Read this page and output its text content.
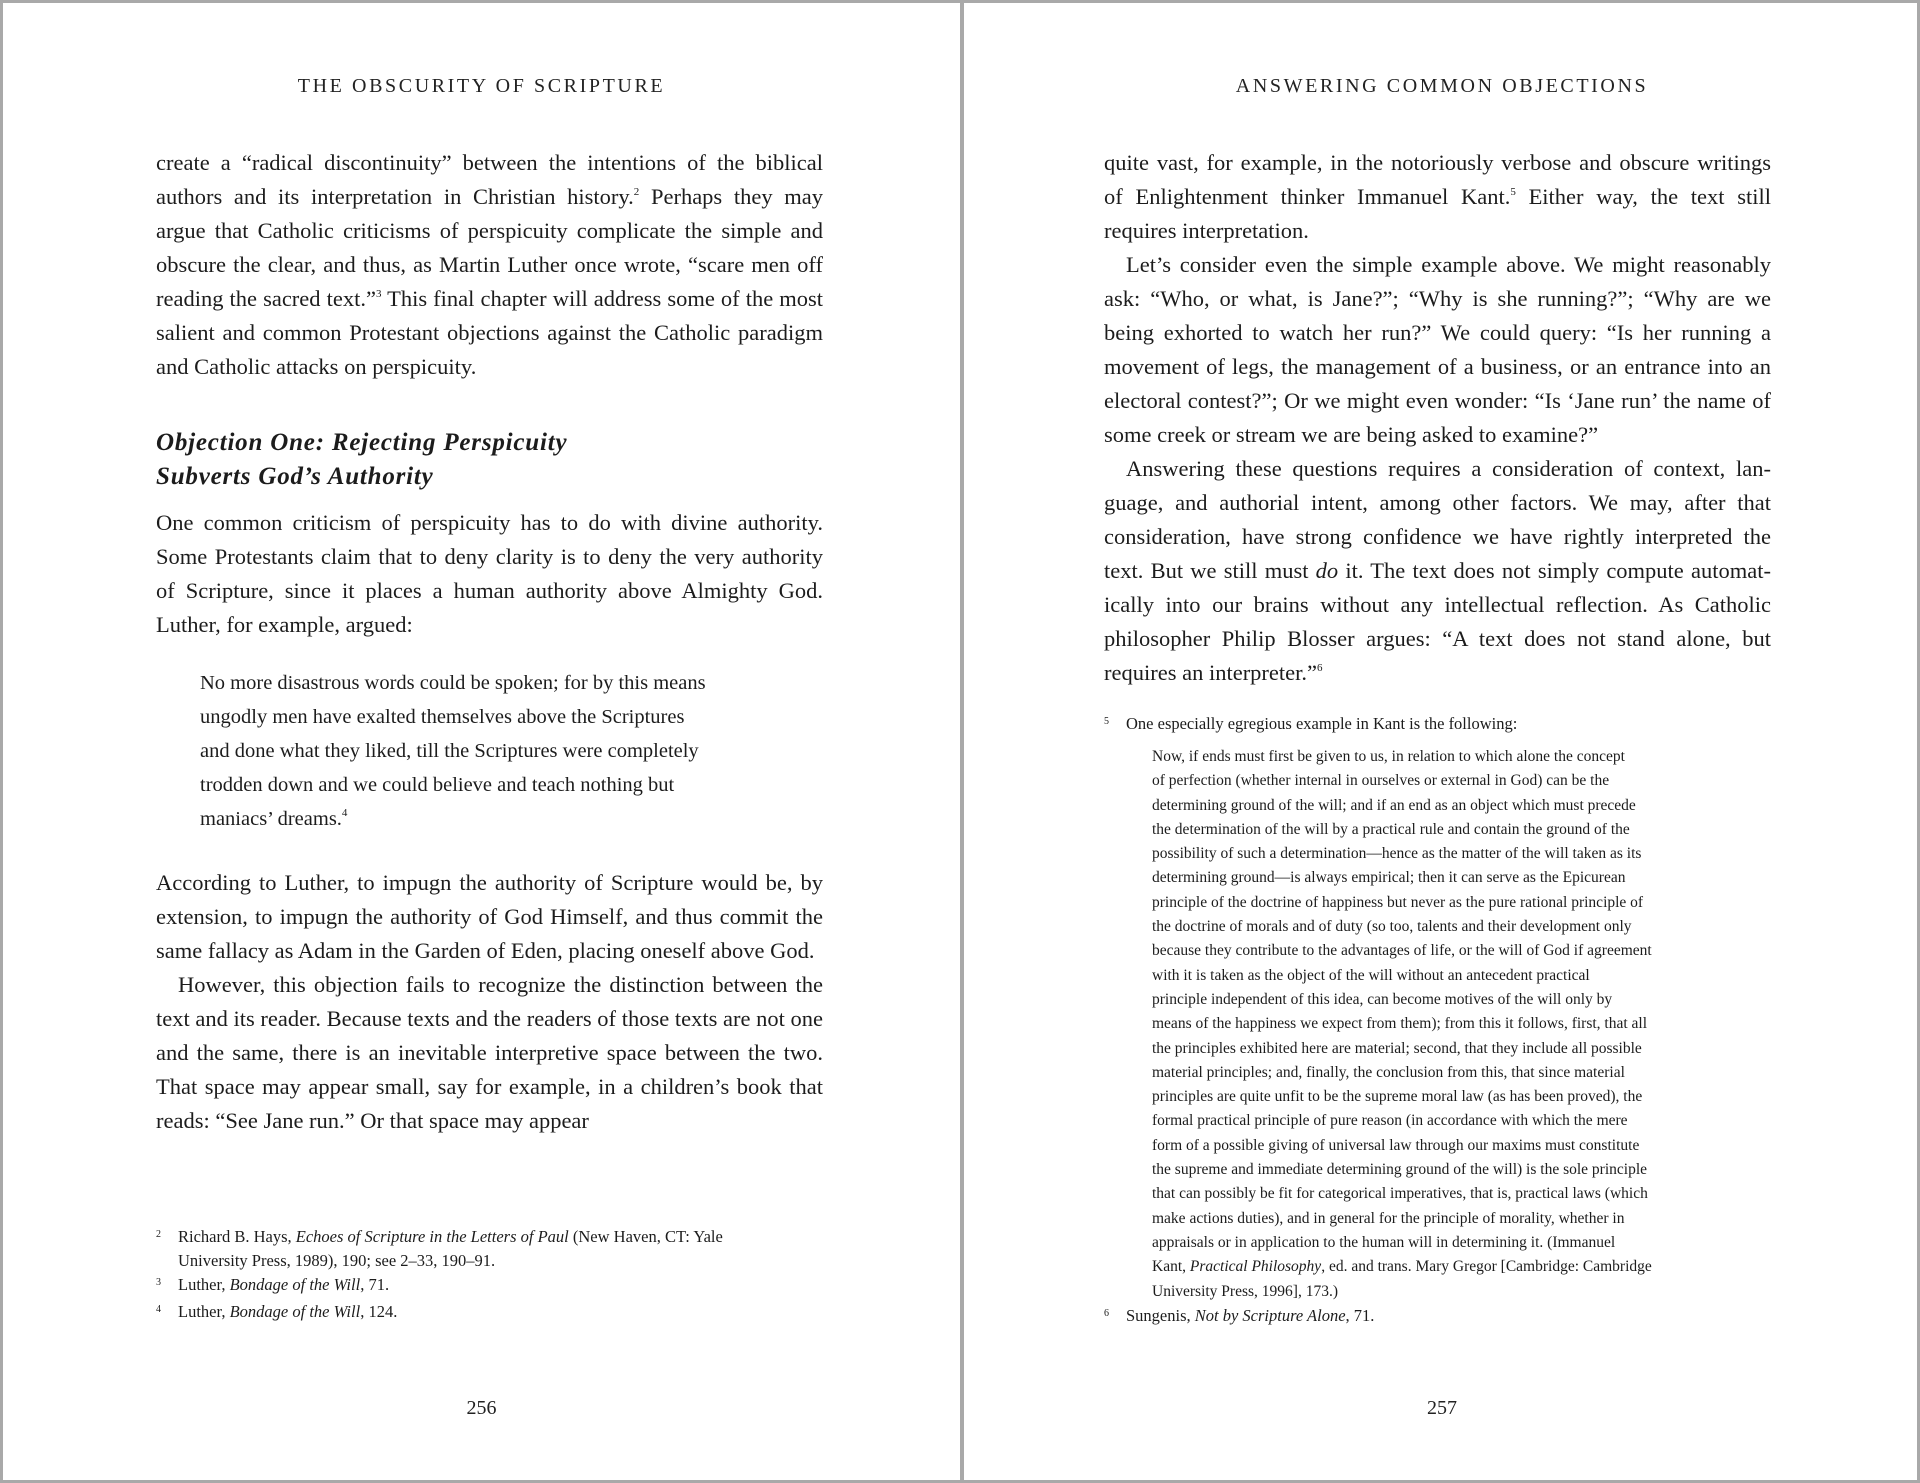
THE OBSCURITY OF SCRIPTURE

create a “radical discontinuity” between the intentions of the biblical authors and its interpretation in Christian history.$^2$ Perhaps they may argue that Catholic criticisms of perspicuity complicate the simple and obscure the clear, and thus, as Martin Luther once wrote, “scare men off reading the sacred text.”$^3$ This final chapter will address some of the most salient and common Protestant objections against the Catholic paradigm and Catholic attacks on perspicuity.

Objection One: Rejecting Perspicuity
Subverts God’s Authority

One common criticism of perspicuity has to do with divine authority. Some Protestants claim that to deny clarity is to deny the very authority of Scripture, since it places a human authority above Almighty God. Luther, for example, argued:

No more disastrous words could be spoken; for by this means
ungodly men have exalted themselves above the Scriptures
and done what they liked, till the Scriptures were completely
trodden down and we could believe and teach nothing but
maniacs’ dreams.$^4$

According to Luther, to impugn the authority of Scripture would be, by extension, to impugn the authority of God Himself, and thus commit the same fallacy as Adam in the Garden of Eden, placing oneself above God.

However, this objection fails to recognize the distinction between the text and its reader. Because texts and the readers of those texts are not one and the same, there is an inevitable interpretive space between the two. That space may appear small, say for example, in a children’s book that reads: “See Jane run.” Or that space may appear

2	Richard B. Hays, Echoes of Scripture in the Letters of Paul (New Haven, CT: Yale
University Press, 1989), 190; see 2–33, 190–91.
3	Luther, Bondage of the Will, 71.
4	Luther, Bondage of the Will, 124.
256
ANSWERING COMMON OBJECTIONS

quite vast, for example, in the notoriously verbose and obscure writings of Enlightenment thinker Immanuel Kant.$^5$ Either way, the text still requires interpretation.

Let’s consider even the simple example above. We might reasonably ask: “Who, or what, is Jane?”; “Why is she running?”; “Why are we being exhorted to watch her run?” We could query: “Is her running a movement of legs, the management of a business, or an entrance into an electoral contest?”; Or we might even wonder: “Is ‘Jane run’ the name of some creek or stream we are being asked to examine?”

Answering these questions requires a consideration of context, language, and authorial intent, among other factors. We may, after that consideration, have strong confidence we have rightly interpreted the text. But we still must do it. The text does not simply compute automatically into our brains without any intellectual reflection. As Catholic philosopher Philip Blosser argues: “A text does not stand alone, but requires an interpreter.”$^6$

5	One especially egregious example in Kant is the following:
Now, if ends must first be given to us, in relation to which alone the concept
of perfection (whether internal in ourselves or external in God) can be the
determining ground of the will; and if an end as an object which must precede
the determination of the will by a practical rule and contain the ground of the
possibility of such a determination—hence as the matter of the will taken as its
determining ground—is always empirical; then it can serve as the Epicurean
principle of the doctrine of happiness but never as the pure rational principle of
the doctrine of morals and of duty (so too, talents and their development only
because they contribute to the advantages of life, or the will of God if agreement
with it is taken as the object of the will without an antecedent practical
principle independent of this idea, can become motives of the will only by
means of the happiness we expect from them); from this it follows, first, that all
the principles exhibited here are material; second, that they include all possible
material principles; and, finally, the conclusion from this, that since material
principles are quite unfit to be the supreme moral law (as has been proved), the
formal practical principle of pure reason (in accordance with which the mere
form of a possible giving of universal law through our maxims must constitute
the supreme and immediate determining ground of the will) is the sole principle
that can possibly be fit for categorical imperatives, that is, practical laws (which
make actions duties), and in general for the principle of morality, whether in
appraisals or in application to the human will in determining it. (Immanuel
Kant, Practical Philosophy, ed. and trans. Mary Gregor [Cambridge: Cambridge
University Press, 1996], 173.)
6	Sungenis, Not by Scripture Alone, 71.
257
